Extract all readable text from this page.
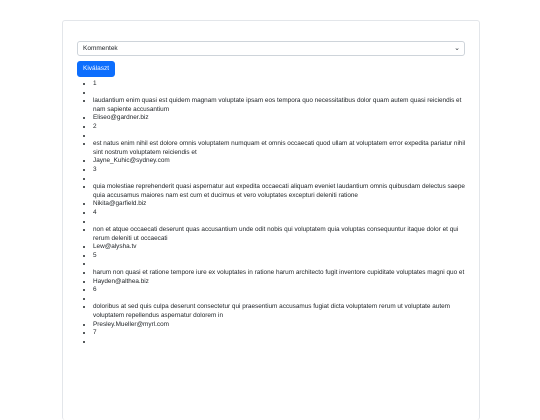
Kommentek	⌄
Kiválaszt
• 1
•
• laudantium enim quasi est quidem magnam voluptate ipsam eos tempora quo necessitatibus dolor quam autem quasi reiciendis et nam sapiente accusantium
• Eliseo@gardner.biz
• 2
•
• est natus enim nihil est dolore omnis voluptatem numquam et omnis occaecati quod ullam at voluptatem error expedita pariatur nihil sint nostrum voluptatem reiciendis et
• Jayne_Kuhic@sydney.com
• 3
•
• quia molestiae reprehenderit quasi aspernatur aut expedita occaecati aliquam eveniet laudantium omnis quibusdam delectus saepe quia accusamus maiores nam est cum et ducimus et vero voluptates excepturi deleniti ratione
• Nikita@garfield.biz
• 4
•
• non et atque occaecati deserunt quas accusantium unde odit nobis qui voluptatem quia voluptas consequuntur itaque dolor et qui rerum deleniti ut occaecati
• Lew@alysha.tv
• 5
•
• harum non quasi et ratione tempore iure ex voluptates in ratione harum architecto fugit inventore cupiditate voluptates magni quo et
• Hayden@althea.biz
• 6
•
• doloribus at sed quis culpa deserunt consectetur qui praesentium accusamus fugiat dicta voluptatem rerum ut voluptate autem voluptatem repellendus aspernatur dolorem in
• Presley.Mueller@myrl.com
• 7
•
